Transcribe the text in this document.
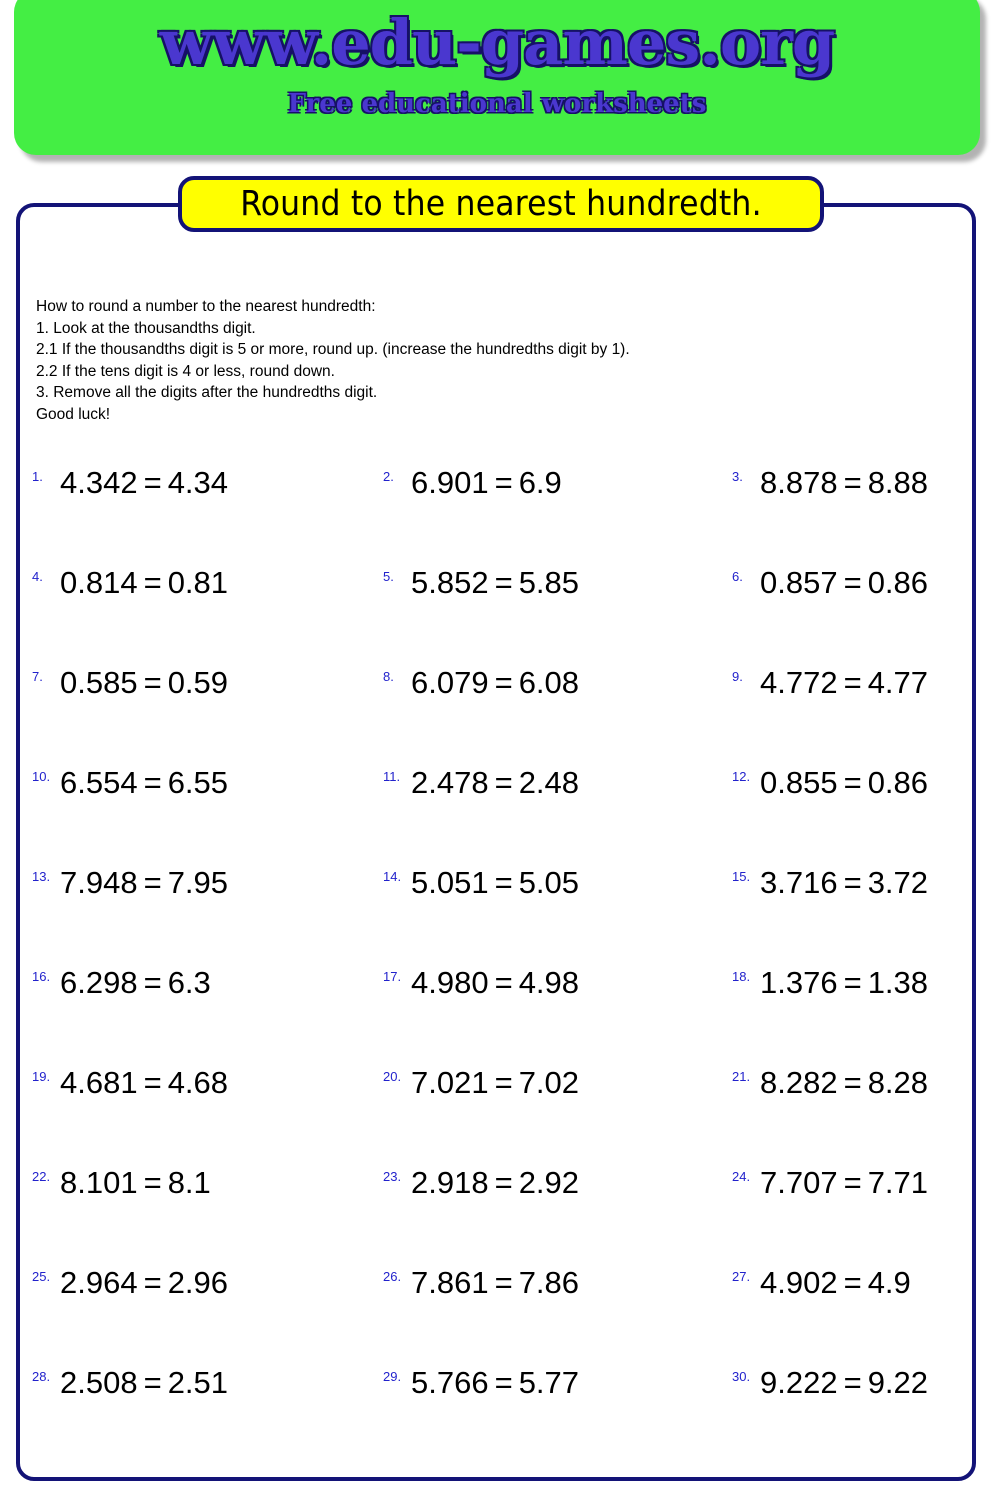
www.edu-games.org
Free educational worksheets
Round to the nearest hundredth.
How to round a number to the nearest hundredth:
1. Look at the thousandths digit.
2.1 If the thousandths digit is 5 or more, round up. (increase the hundredths digit by 1).
2.2 If the tens digit is 4 or less, round down.
3. Remove all the digits after the hundredths digit.
Good luck!
1. 4.342 = 4.34	2. 6.901 = 6.9	3. 8.878 = 8.88
4. 0.814 = 0.81	5. 5.852 = 5.85	6. 0.857 = 0.86
7. 0.585 = 0.59	8. 6.079 = 6.08	9. 4.772 = 4.77
10. 6.554 = 6.55	11. 2.478 = 2.48	12. 0.855 = 0.86
13. 7.948 = 7.95	14. 5.051 = 5.05	15. 3.716 = 3.72
16. 6.298 = 6.3	17. 4.980 = 4.98	18. 1.376 = 1.38
19. 4.681 = 4.68	20. 7.021 = 7.02	21. 8.282 = 8.28
22. 8.101 = 8.1	23. 2.918 = 2.92	24. 7.707 = 7.71
25. 2.964 = 2.96	26. 7.861 = 7.86	27. 4.902 = 4.9
28. 2.508 = 2.51	29. 5.766 = 5.77	30. 9.222 = 9.22
